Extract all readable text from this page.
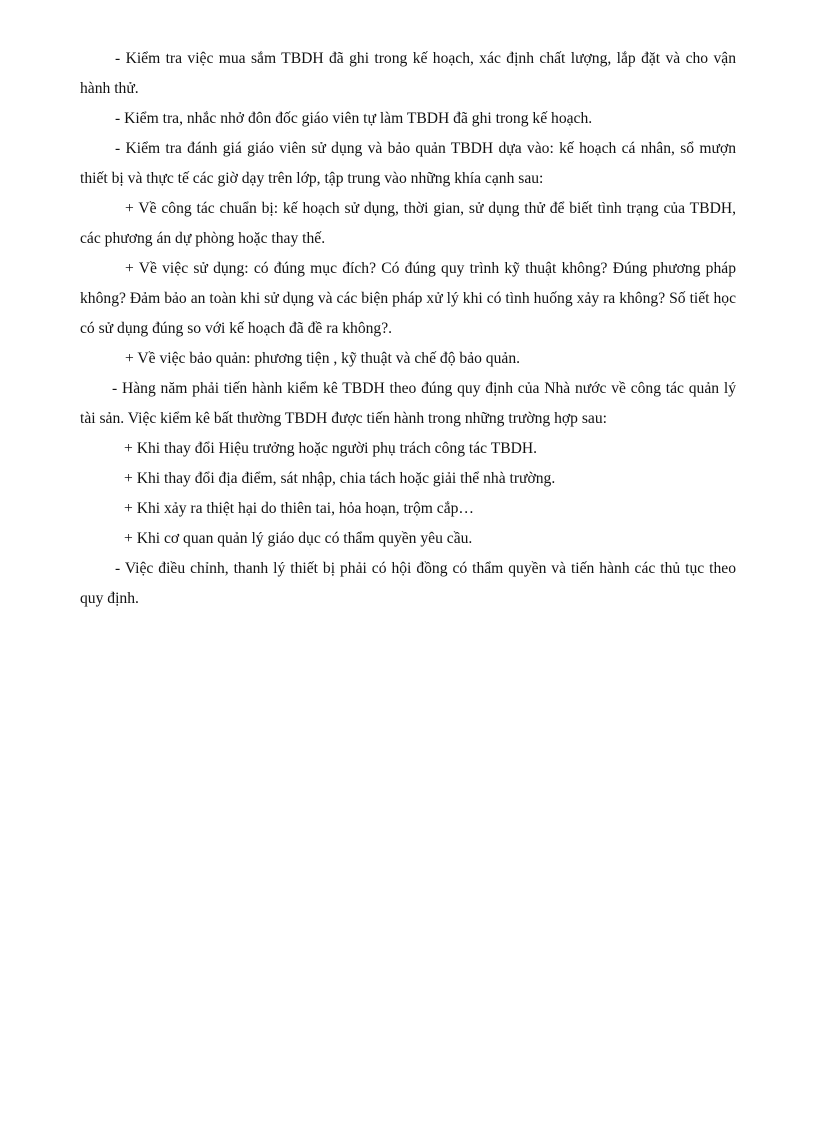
- Kiểm tra việc mua sắm TBDH đã ghi trong kế hoạch, xác định chất lượng, lắp đặt và cho vận hành thử.

- Kiểm tra, nhắc nhở đôn đốc giáo viên tự làm TBDH đã ghi trong kế hoạch.

- Kiểm tra đánh giá giáo viên sử dụng và bảo quản TBDH dựa vào: kế hoạch cá nhân, sổ mượn thiết bị và thực tế các giờ dạy trên lớp, tập trung vào những khía cạnh sau:

+ Về công tác chuẩn bị: kế hoạch sử dụng, thời gian, sử dụng thử để biết tình trạng của TBDH, các phương án dự phòng hoặc thay thế.

+ Về việc sử dụng: có đúng mục đích? Có đúng quy trình kỹ thuật không? Đúng phương pháp không? Đảm bảo an toàn khi sử dụng và các biện pháp xử lý khi có tình huống xảy ra không? Số tiết học có sử dụng đúng so với kế hoạch đã đề ra không?.

+ Về việc bảo quản: phương tiện , kỹ thuật và chế độ bảo quản.

- Hàng năm phải tiến hành kiểm kê TBDH theo đúng quy định của Nhà nước về công tác quản lý tài sản. Việc kiểm kê bất thường TBDH được tiến hành trong những trường hợp sau:

+ Khi thay đổi Hiệu trưởng hoặc người phụ trách công tác TBDH.

+ Khi thay đổi địa điểm, sát nhập, chia tách hoặc giải thể nhà trường.

+ Khi xảy ra thiệt hại do thiên tai, hỏa hoạn, trộm cắp…

+ Khi cơ quan quản lý giáo dục có thẩm quyền yêu cầu.

- Việc điều chỉnh, thanh lý thiết bị phải có hội đồng có thẩm quyền và tiến hành các thủ tục theo quy định.
